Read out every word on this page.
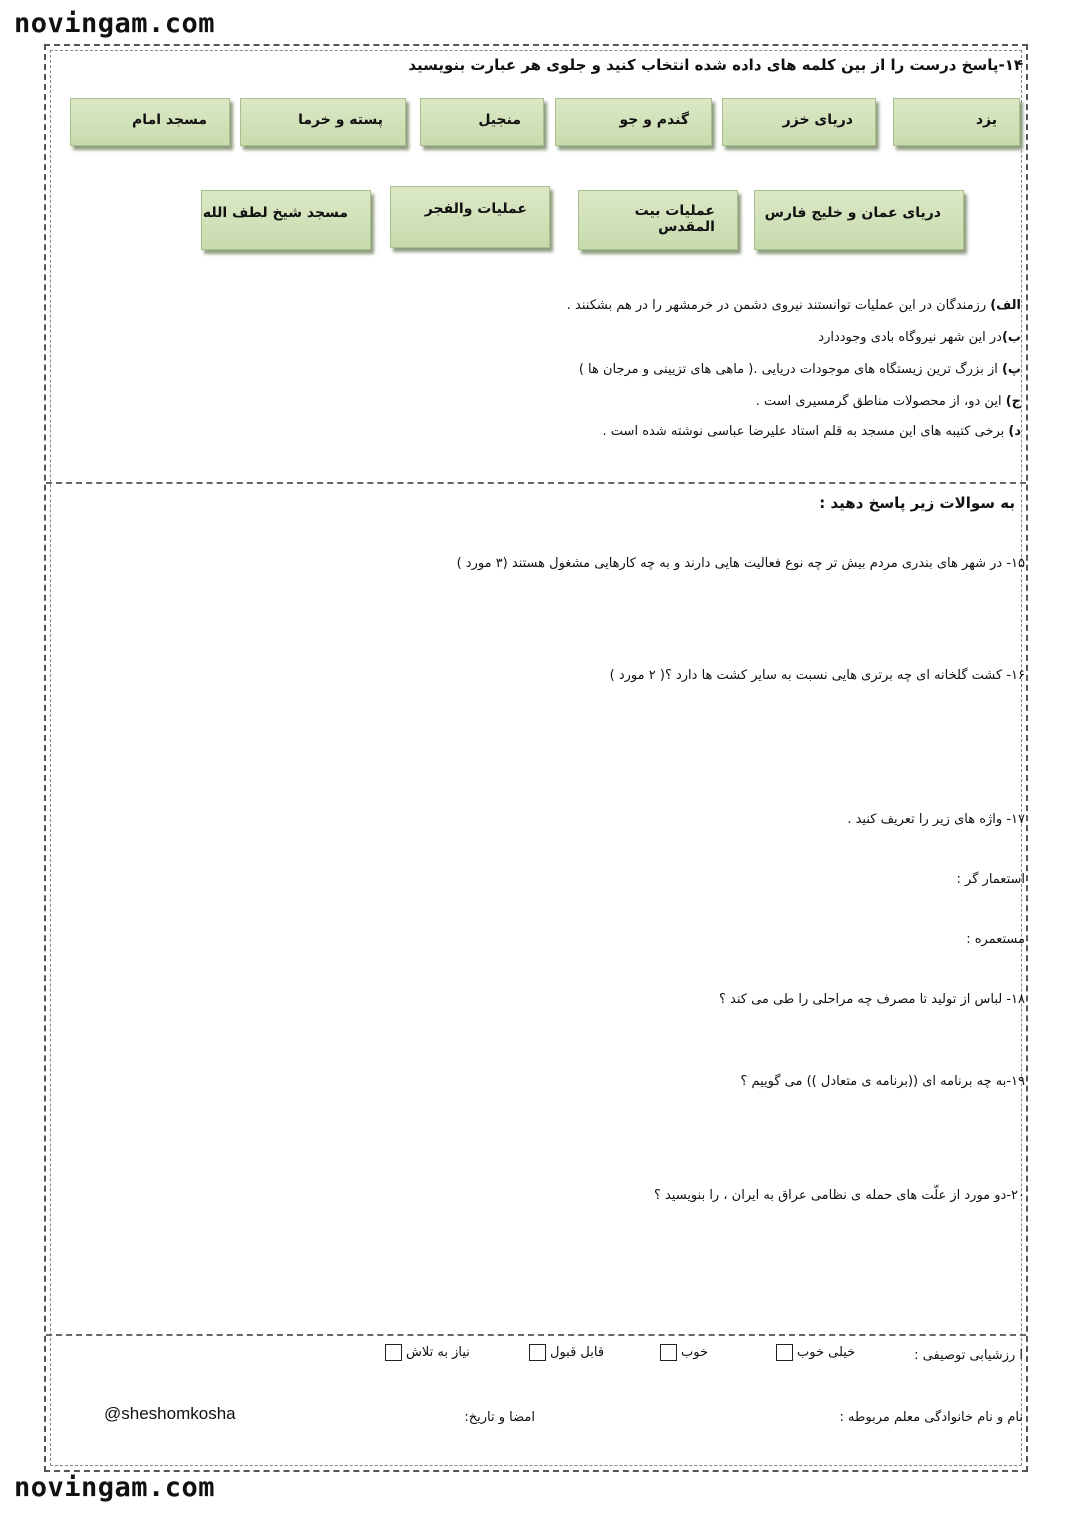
novingam.com
۱۴-پاسخ درست را از بین کلمه های داده شده انتخاب کنید و جلوی هر عبارت بنویسید
یزد
دریای خزر
گندم و جو
منجیل
پسته و خرما
مسجد امام
دریای عمان و خلیج فارس
عملیات بیت المقدس
عملیات والفجر
مسجد شیخ لطف الله
الف) رزمندگان در این عملیات توانستند نیروی دشمن در خرمشهر را در هم بشکنند .
ب)در این شهر نیروگاه بادی وجوددارد
پ) از بزرگ ترین زیستگاه های موجودات دریایی .( ماهی های تزیینی و مرجان ها )
ج) این دو، از محصولات مناطق گرمسیری است .
د) برخی کتیبه های این مسجد به قلم استاد علیرضا عباسی نوشته شده است .
به سوالات زیر پاسخ دهید :
۱۵- در شهر های بندری مردم بیش تر چه نوع فعالیت هایی دارند و به چه کارهایی مشغول هستند (۳ مورد )
۱۶- کشت گلخانه ای چه برتری هایی نسبت به سایر کشت ها دارد ؟( ۲ مورد )
۱۷- واژه های زیر را تعریف کنید .
استعمار گر :
مستعمره :
۱۸- لباس از تولید تا مصرف چه مراحلی را طی می کند ؟
۱۹-به چه برنامه ای ((برنامه ی متعادل )) می گوییم ؟
۲۰-دو مورد از علّت های حمله ی نظامی عراق به ایران ، را بنویسید ؟
ا رزشیابی توصیفی :
خیلی خوب
خوب
قابل قبول
نیاز به تلاش
@sheshomkosha	امضا و تاریخ:	نام و نام خانوادگی معلم مربوطه :
novingam.com
